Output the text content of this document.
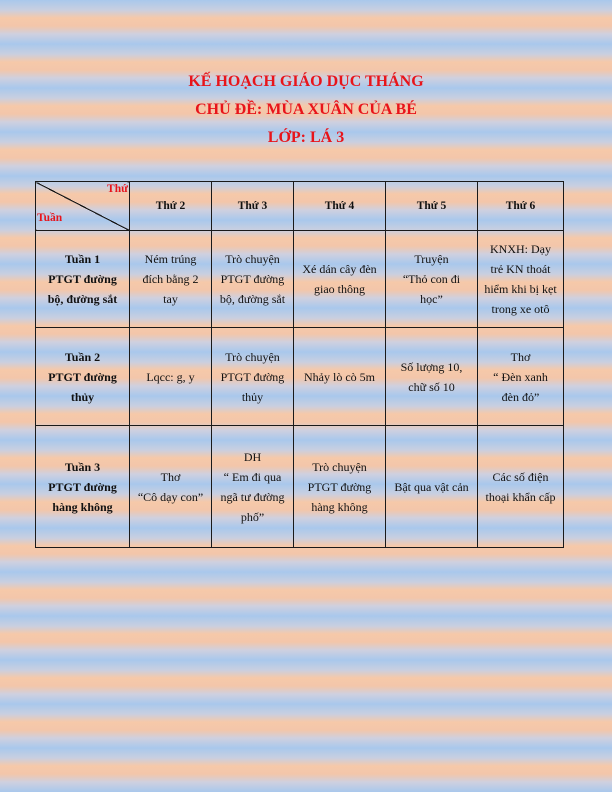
KẾ HOẠCH GIÁO DỤC THÁNG
CHỦ ĐỀ: MÙA XUÂN CỦA BÉ
LỚP: LÁ 3
Thứ
Tuần	Thứ 2	Thứ 3	Thứ 4	Thứ 5	Thứ 6

Tuần 1
PTGT đường
bộ, đường sắt	Ném trúng
đích bằng 2
tay	Trò chuyện
PTGT đường
bộ, đường sắt	Xé dán cây đèn
giao thông	Truyện
“Thỏ con đi
học”	KNXH: Dạy
trẻ KN thoát
hiểm khi bị kẹt
trong xe otô

Tuần 2
PTGT đường
thủy	Lqcc: g, y	Trò chuyện
PTGT đường
thủy	Nhảy lò cò 5m	Số lượng 10,
chữ số 10	Thơ
“ Đèn xanh
đèn đỏ”

Tuần 3
PTGT đường
hàng không	Thơ
“Cô dạy con”	DH
“ Em đi qua
ngã tư đường
phố”	Trò chuyện
PTGT đường
hàng không	Bật qua vật cản	Các số điện
thoại khẩn cấp
